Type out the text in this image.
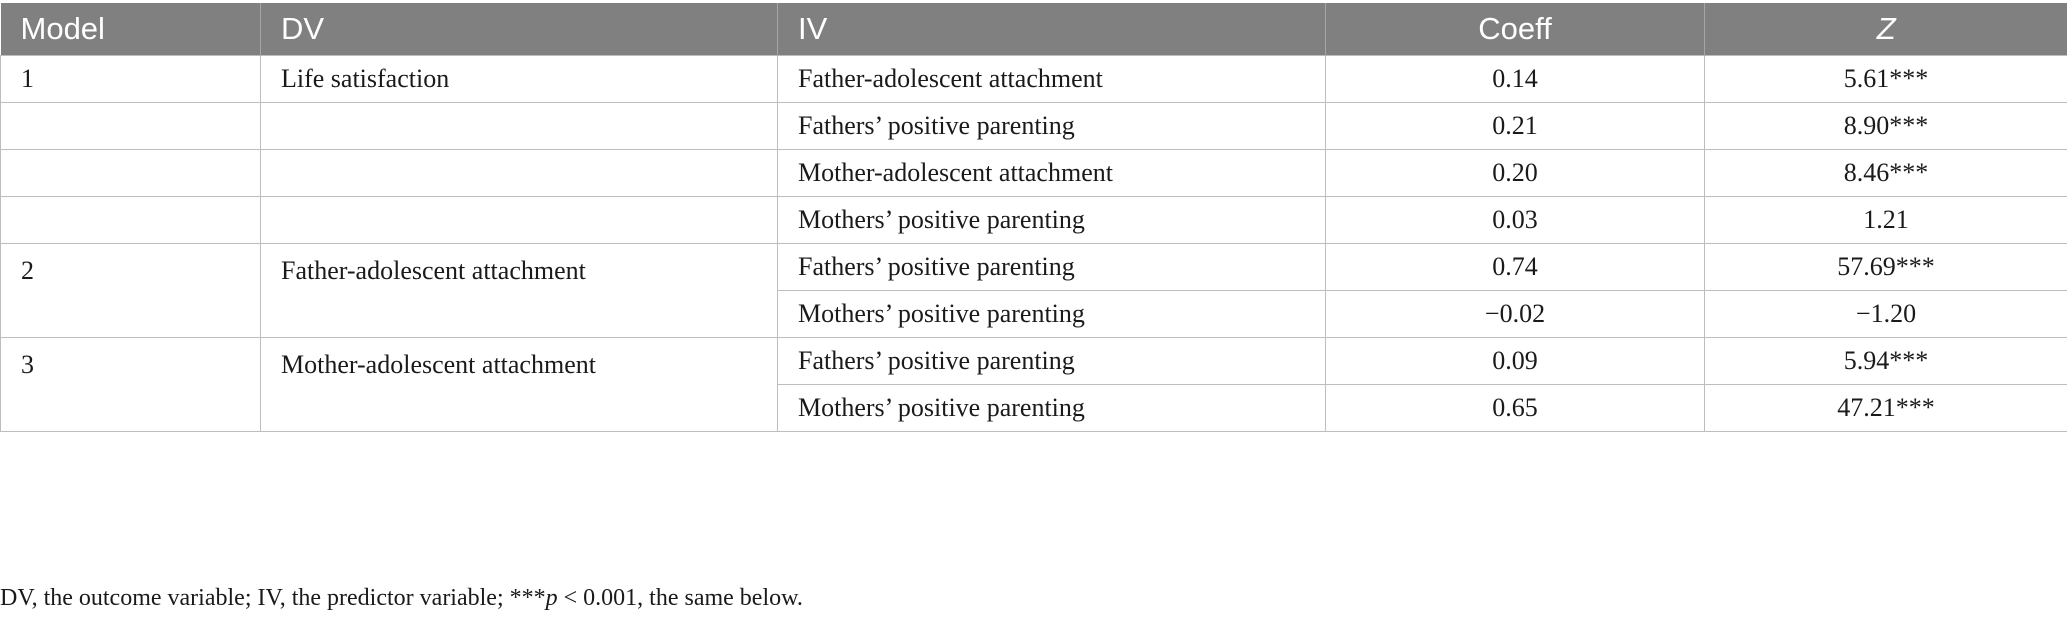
Model	DV	IV	Coeff	Z
1	Life satisfaction	Father-adolescent attachment	0.14	5.61***
		Fathers’ positive parenting	0.21	8.90***
		Mother-adolescent attachment	0.20	8.46***
		Mothers’ positive parenting	0.03	1.21
2	Father-adolescent attachment	Fathers’ positive parenting	0.74	57.69***
		Mothers’ positive parenting	−0.02	−1.20
3	Mother-adolescent attachment	Fathers’ positive parenting	0.09	5.94***
		Mothers’ positive parenting	0.65	47.21***
DV, the outcome variable; IV, the predictor variable; ***p < 0.001, the same below.
